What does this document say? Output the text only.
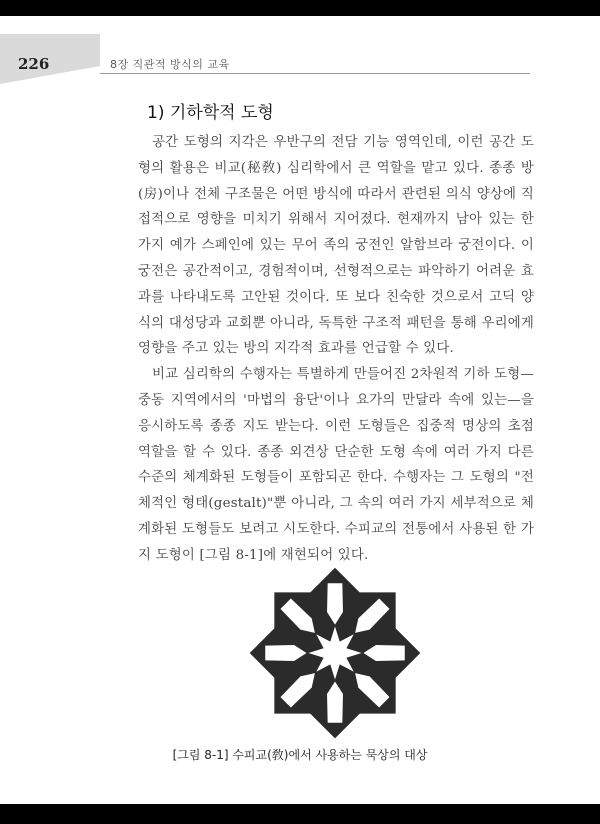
226	8장 직관적 방식의 교육
1) 기하학적 도형

공간 도형의 지각은 우반구의 전담 기능 영역인데, 이런 공간 도형의 활용은 비교(秘敎) 심리학에서 큰 역할을 맡고 있다. 종종 방(房)이나 전체 구조물은 어떤 방식에 따라서 관련된 의식 양상에 직접적으로 영향을 미치기 위해서 지어졌다. 현재까지 남아 있는 한 가지 예가 스페인에 있는 무어 족의 궁전인 알함브라 궁전이다. 이 궁전은 공간적이고, 경험적이며, 선형적으로는 파악하기 어려운 효과를 나타내도록 고안된 것이다. 또 보다 친숙한 것으로서 고딕 양식의 대성당과 교회뿐 아니라, 독특한 구조적 패턴을 통해 우리에게 영향을 주고 있는 방의 지각적 효과를 언급할 수 있다.

비교 심리학의 수행자는 특별하게 만들어진 2차원적 기하 도형—중동 지역에서의 '마법의 융단'이나 요가의 만달라 속에 있는—을 응시하도록 종종 지도 받는다. 이런 도형들은 집중적 명상의 초점 역할을 할 수 있다. 종종 외견상 단순한 도형 속에 여러 가지 다른 수준의 체계화된 도형들이 포함되곤 한다. 수행자는 그 도형의 "전체적인 형태(gestalt)"뿐 아니라, 그 속의 여러 가지 세부적으로 체계화된 도형들도 보려고 시도한다. 수피교의 전통에서 사용된 한 가지 도형이 [그림 8-1]에 재현되어 있다.

[그림 8-1] 수피교(敎)에서 사용하는 묵상의 대상
